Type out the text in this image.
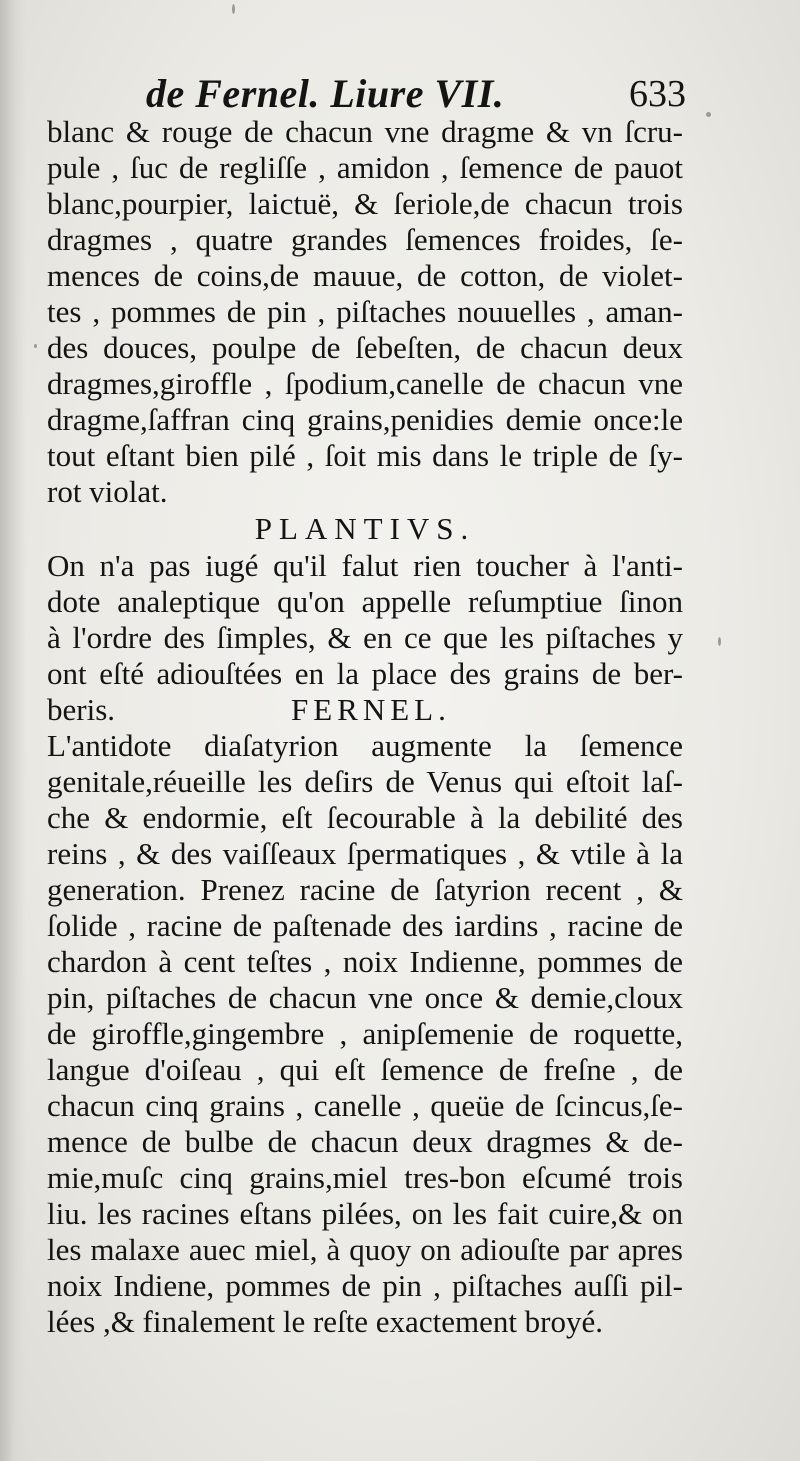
de Fernel. Liure VII.	633
blanc & rouge de chacun vne dragme & vn ſcru-
pule , ſuc de regliſſe , amidon , ſemence de pauot
blanc,pourpier, laictuë, & ſeriole,de chacun trois
dragmes , quatre grandes ſemences froides, ſe-
mences de coins,de mauue, de cotton, de violet-
tes , pommes de pin , piſtaches nouuelles , aman-
des douces, poulpe de ſebeſten, de chacun deux
dragmes,giroffle , ſpodium,canelle de chacun vne
dragme,ſaffran cinq grains,penidies demie once:le
tout eſtant bien pilé , ſoit mis dans le triple de ſy-
rot violat.
PLANTIVS.
On n'a pas iugé qu'il falut rien toucher à l'anti-
dote analeptique qu'on appelle reſumptiue ſinon
à l'ordre des ſimples, & en ce que les piſtaches y
ont eſté adiouſtées en la place des grains de ber-
beris.	FERNEL.
L'antidote diaſatyrion augmente la ſemence
genitale,réueille les deſirs de Venus qui eſtoit laſ-
che & endormie, eſt ſecourable à la debilité des
reins , & des vaiſſeaux ſpermatiques , & vtile à la
generation. Prenez racine de ſatyrion recent , &
ſolide , racine de paſtenade des iardins , racine de
chardon à cent teſtes , noix Indienne, pommes de
pin, piſtaches de chacun vne once & demie,cloux
de giroffle,gingembre , anipſemenie de roquette,
langue d'oiſeau , qui eſt ſemence de freſne , de
chacun cinq grains , canelle , queüe de ſcincus,ſe-
mence de bulbe de chacun deux dragmes & de-
mie,muſc cinq grains,miel tres-bon eſcumé trois
liu. les racines eſtans pilées, on les fait cuire,& on
les malaxe auec miel, à quoy on adiouſte par apres
noix Indiene, pommes de pin , piſtaches auſſi pil-
lées ,& finalement le reſte exactement broyé.
